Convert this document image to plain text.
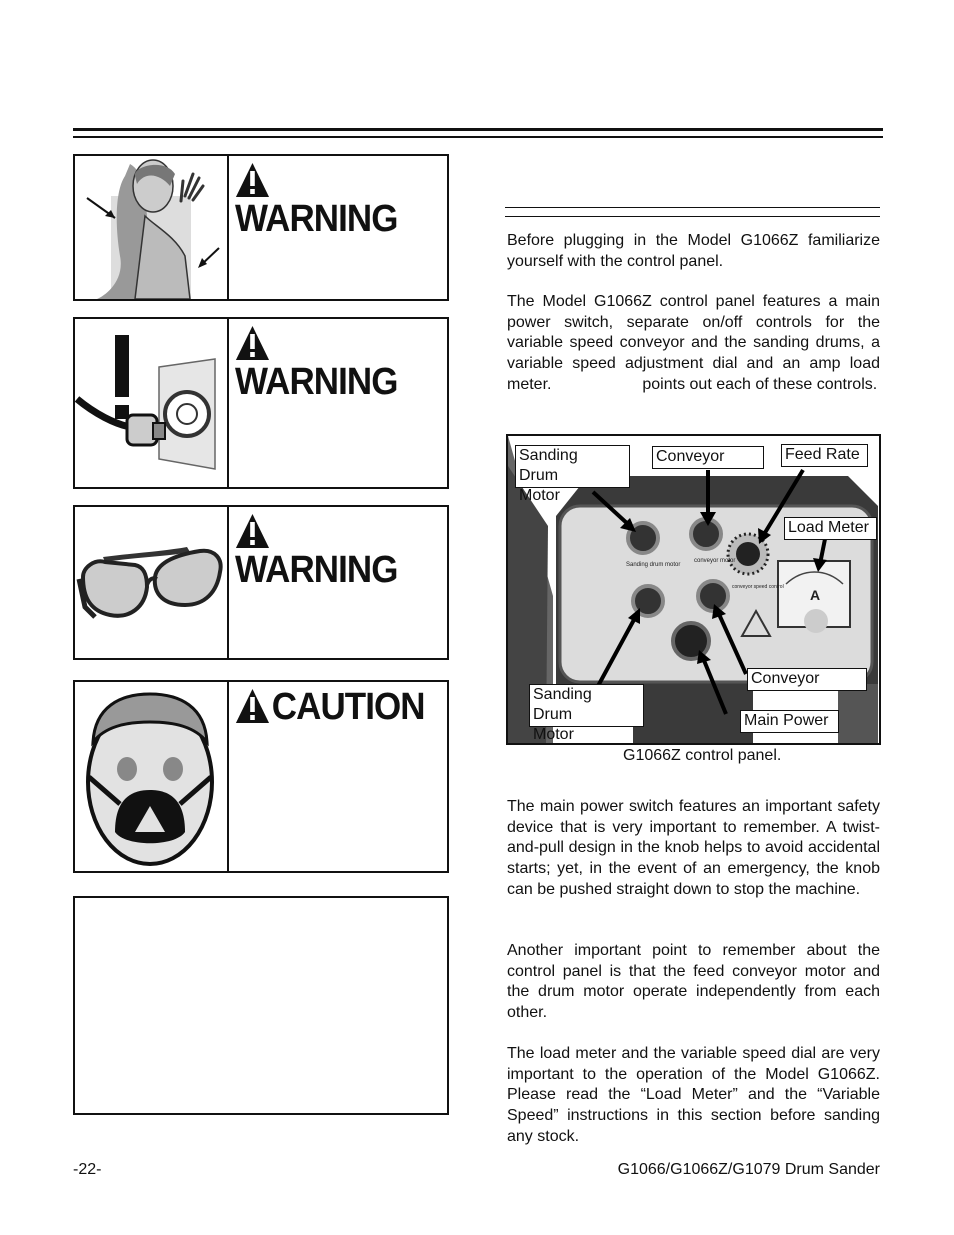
WARNING
WARNING
WARNING
CAUTION

Before plugging in the Model G1066Z familiarize yourself with the control panel.

The Model G1066Z control panel features a main power switch, separate on/off controls for the variable speed conveyor and the sanding drums, a variable speed adjustment dial and an amp load meter.	points out each of these controls.

Sanding drum motor
conveyor motor
conveyor speed control A
Sanding Drum       Motor
Conveyor	Feed Rate
Load Meter
Sanding Drum       Motor
Conveyor
Main Power
G1066Z control panel.

The main power switch features an important safety device that is very important to remember. A twist-and-pull design in the knob helps to avoid accidental starts; yet, in the event of an emergency, the knob can be pushed straight down to stop the machine.

Another important point to remember about the control panel is that the feed conveyor motor and the drum motor operate independently from each other.

The load meter and the variable speed dial are very important to the operation of the Model G1066Z. Please read the “Load Meter” and the “Variable Speed” instructions in this section before sanding any stock.

-22-	G1066/G1066Z/G1079 Drum Sander
